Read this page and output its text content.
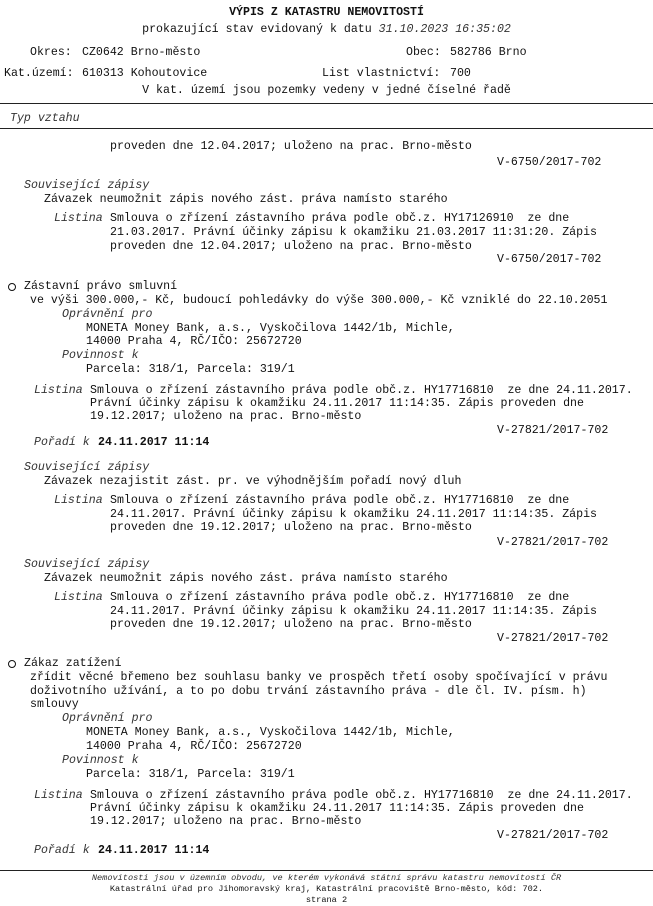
VÝPIS Z KATASTRU NEMOVITOSTÍ
prokazující stav evidovaný k datu 31.10.2023 16:35:02
Okres: CZ0642 Brno-město	Obec: 582786 Brno
Kat.území: 610313 Kohoutovice	List vlastnictví: 700
V kat. území jsou pozemky vedeny v jedné číselné řadě
Typ vztahu
proveden dne 12.04.2017; uloženo na prac. Brno-město
V-6750/2017-702
Související zápisy
Závazek neumožnit zápis nového zást. práva namísto starého
Listina Smlouva o zřízení zástavního práva podle obč.z. HY17126910  ze dne
21.03.2017. Právní účinky zápisu k okamžiku 21.03.2017 11:31:20. Zápis
proveden dne 12.04.2017; uloženo na prac. Brno-město
V-6750/2017-702
Zástavní právo smluvní
ve výši 300.000,- Kč, budoucí pohledávky do výše 300.000,- Kč vzniklé do 22.10.2051
Oprávnění pro
MONETA Money Bank, a.s., Vyskočilova 1442/1b, Michle,
14000 Praha 4, RČ/IČO: 25672720
Povinnost k
Parcela: 318/1, Parcela: 319/1
Listina Smlouva o zřízení zástavního práva podle obč.z. HY17716810  ze dne 24.11.2017.
Právní účinky zápisu k okamžiku 24.11.2017 11:14:35. Zápis proveden dne
19.12.2017; uloženo na prac. Brno-město
V-27821/2017-702
Pořadí k 24.11.2017 11:14
Související zápisy
Závazek nezajistit zást. pr. ve výhodnějším pořadí nový dluh
Listina Smlouva o zřízení zástavního práva podle obč.z. HY17716810  ze dne
24.11.2017. Právní účinky zápisu k okamžiku 24.11.2017 11:14:35. Zápis
proveden dne 19.12.2017; uloženo na prac. Brno-město
V-27821/2017-702
Související zápisy
Závazek neumožnit zápis nového zást. práva namísto starého
Listina Smlouva o zřízení zástavního práva podle obč.z. HY17716810  ze dne
24.11.2017. Právní účinky zápisu k okamžiku 24.11.2017 11:14:35. Zápis
proveden dne 19.12.2017; uloženo na prac. Brno-město
V-27821/2017-702
Zákaz zatížení
zřídit věcné břemeno bez souhlasu banky ve prospěch třetí osoby spočívající v právu
doživotního užívání, a to po dobu trvání zástavního práva - dle čl. IV. písm. h)
smlouvy
Oprávnění pro
MONETA Money Bank, a.s., Vyskočilova 1442/1b, Michle,
14000 Praha 4, RČ/IČO: 25672720
Povinnost k
Parcela: 318/1, Parcela: 319/1
Listina Smlouva o zřízení zástavního práva podle obč.z. HY17716810  ze dne 24.11.2017.
Právní účinky zápisu k okamžiku 24.11.2017 11:14:35. Zápis proveden dne
19.12.2017; uloženo na prac. Brno-město
V-27821/2017-702
Pořadí k 24.11.2017 11:14
Nemovitosti jsou v územním obvodu, ve kterém vykonává státní správu katastru nemovitostí ČR
Katastrální úřad pro Jihomoravský kraj, Katastrální pracoviště Brno-město, kód: 702.
strana 2
